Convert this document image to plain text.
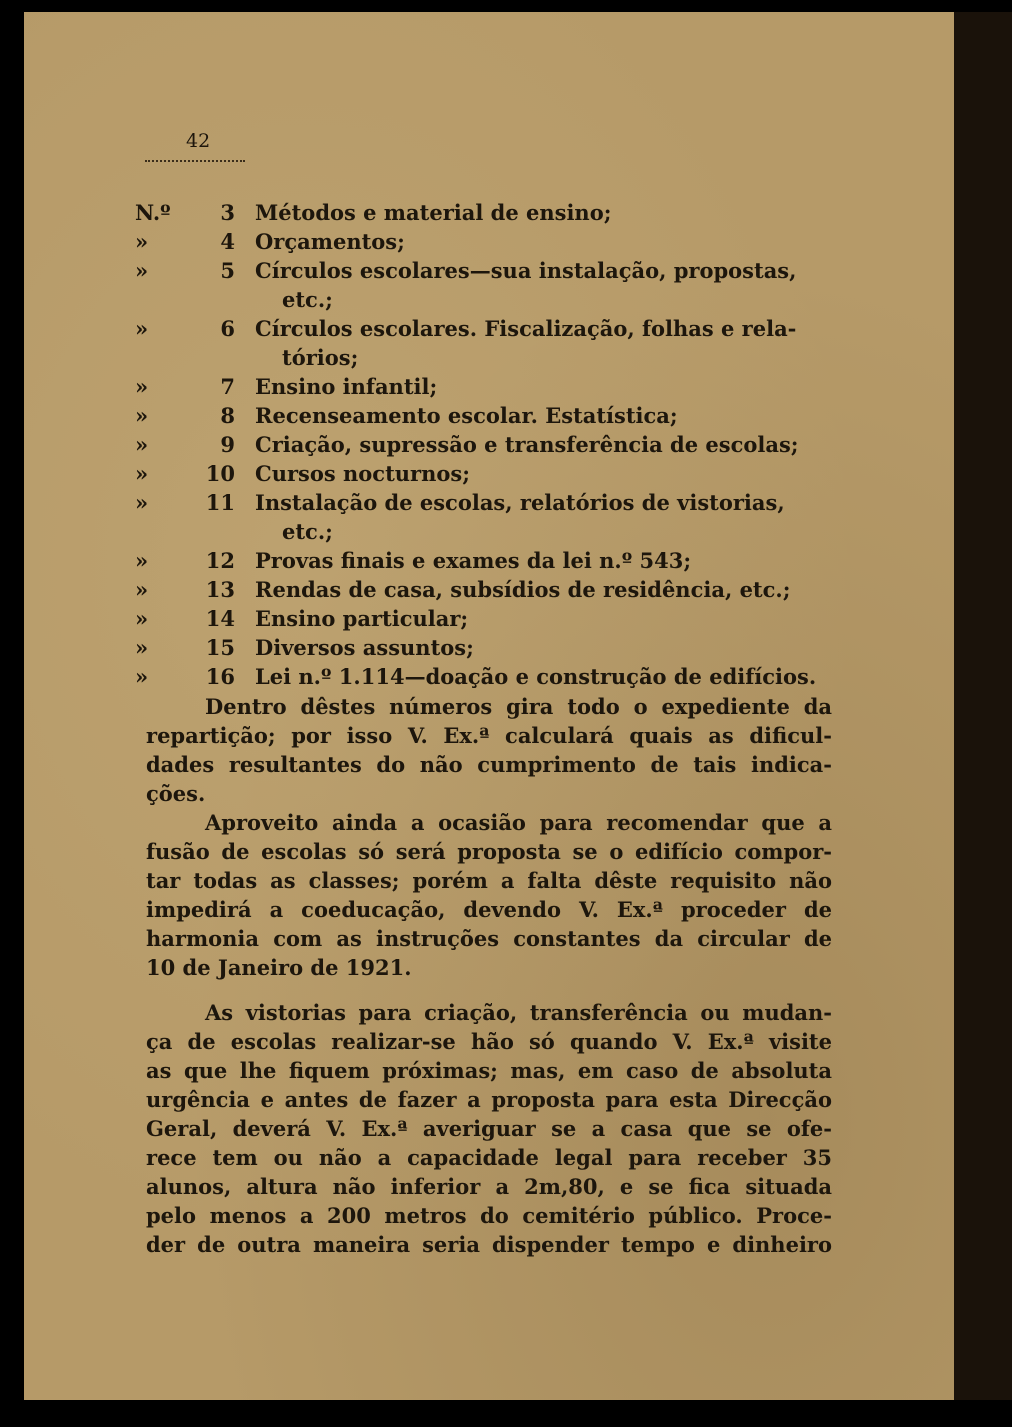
42
N.º	3 Métodos e material de ensino;
»	4 Orçamentos;
»	5 Círculos escolares—sua instalação, propostas,
etc.;
»	6 Círculos escolares. Fiscalização, folhas e rela-
tórios;
»	7 Ensino infantil;
»	8 Recenseamento escolar. Estatística;
»	9 Criação, supressão e transferência de escolas;
»	10 Cursos nocturnos;
»	11 Instalação de escolas, relatórios de vistorias,
etc.;
»	12 Provas finais e exames da lei n.º 543;
»	13 Rendas de casa, subsídios de residência, etc.;
»	14 Ensino particular;
»	15 Diversos assuntos;
»	16 Lei n.º 1.114—doação e construção de edifícios.
Dentro dêstes números gira todo o expediente da
repartição; por isso V. Ex.ª calculará quais as dificul-
dades resultantes do não cumprimento de tais indica-
ções.
Aproveito ainda a ocasião para recomendar que a
fusão de escolas só será proposta se o edifício compor-
tar todas as classes; porém a falta dêste requisito não
impedirá a coeducação, devendo V. Ex.ª proceder de
harmonia com as instruções constantes da circular de
10 de Janeiro de 1921.
As vistorias para criação, transferência ou mudan-
ça de escolas realizar-se hão só quando V. Ex.ª visite
as que lhe fiquem próximas; mas, em caso de absoluta
urgência e antes de fazer a proposta para esta Direcção
Geral, deverá V. Ex.ª averiguar se a casa que se ofe-
rece tem ou não a capacidade legal para receber 35
alunos, altura não inferior a 2m,80, e se fica situada
pelo menos a 200 metros do cemitério público. Proce-
der de outra maneira seria dispender tempo e dinheiro
